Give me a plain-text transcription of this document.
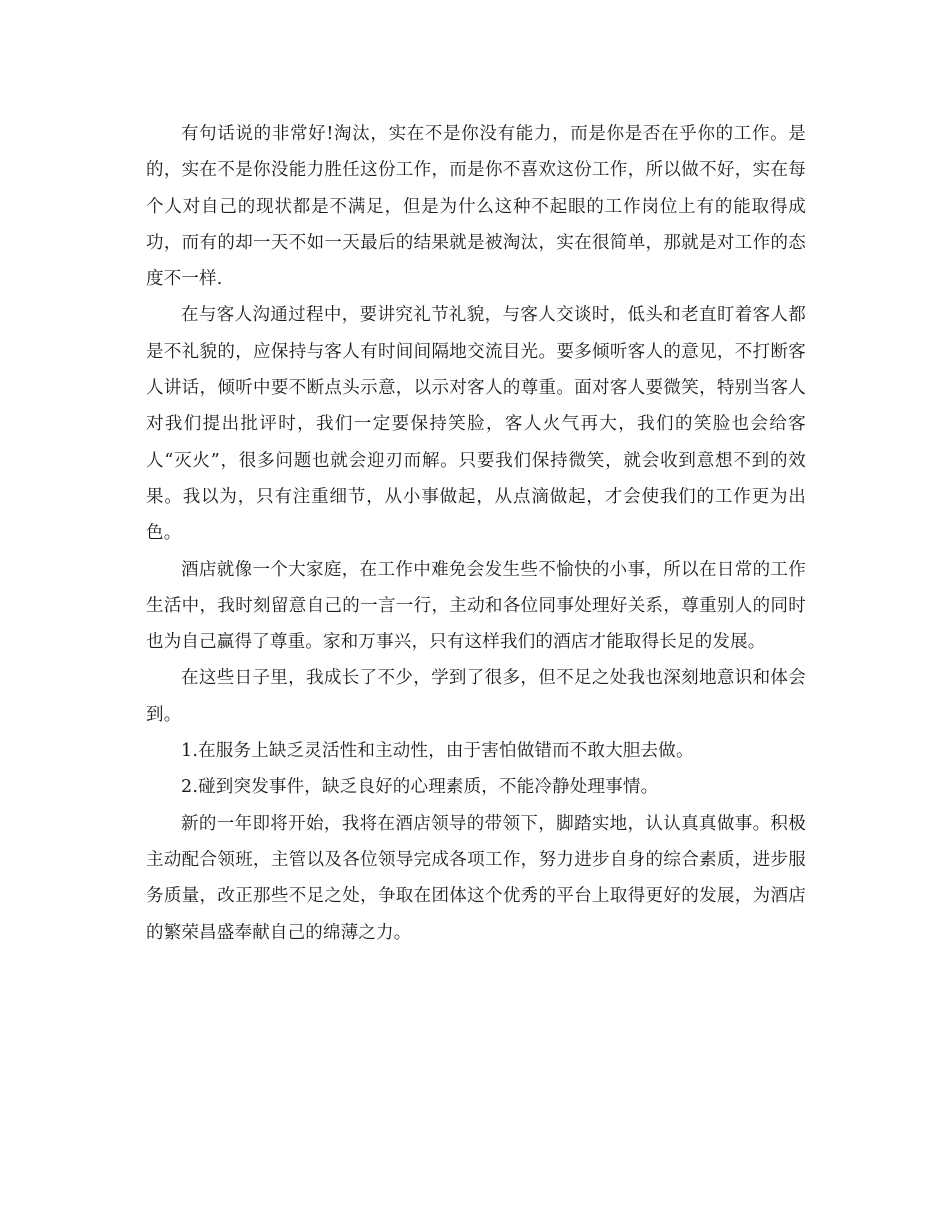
有句话说的非常好!淘汰，实在不是你没有能力，而是你是否在乎你的工作。是的，实在不是你没能力胜任这份工作，而是你不喜欢这份工作，所以做不好，实在每个人对自己的现状都是不满足，但是为什么这种不起眼的工作岗位上有的能取得成功，而有的却一天不如一天最后的结果就是被淘汰，实在很简单，那就是对工作的态度不一样.

在与客人沟通过程中，要讲究礼节礼貌，与客人交谈时，低头和老直盯着客人都是不礼貌的，应保持与客人有时间间隔地交流目光。要多倾听客人的意见，不打断客人讲话，倾听中要不断点头示意，以示对客人的尊重。面对客人要微笑，特别当客人对我们提出批评时，我们一定要保持笑脸，客人火气再大，我们的笑脸也会给客人“灭火”，很多问题也就会迎刃而解。只要我们保持微笑，就会收到意想不到的效果。我以为，只有注重细节，从小事做起，从点滴做起，才会使我们的工作更为出色。

酒店就像一个大家庭，在工作中难免会发生些不愉快的小事，所以在日常的工作生活中，我时刻留意自己的一言一行，主动和各位同事处理好关系，尊重别人的同时也为自己赢得了尊重。家和万事兴，只有这样我们的酒店才能取得长足的发展。

在这些日子里，我成长了不少，学到了很多，但不足之处我也深刻地意识和体会到。

1.在服务上缺乏灵活性和主动性，由于害怕做错而不敢大胆去做。

2.碰到突发事件，缺乏良好的心理素质，不能冷静处理事情。

新的一年即将开始，我将在酒店领导的带领下，脚踏实地，认认真真做事。积极主动配合领班，主管以及各位领导完成各项工作，努力进步自身的综合素质，进步服务质量，改正那些不足之处，争取在团体这个优秀的平台上取得更好的发展，为酒店的繁荣昌盛奉献自己的绵薄之力。
